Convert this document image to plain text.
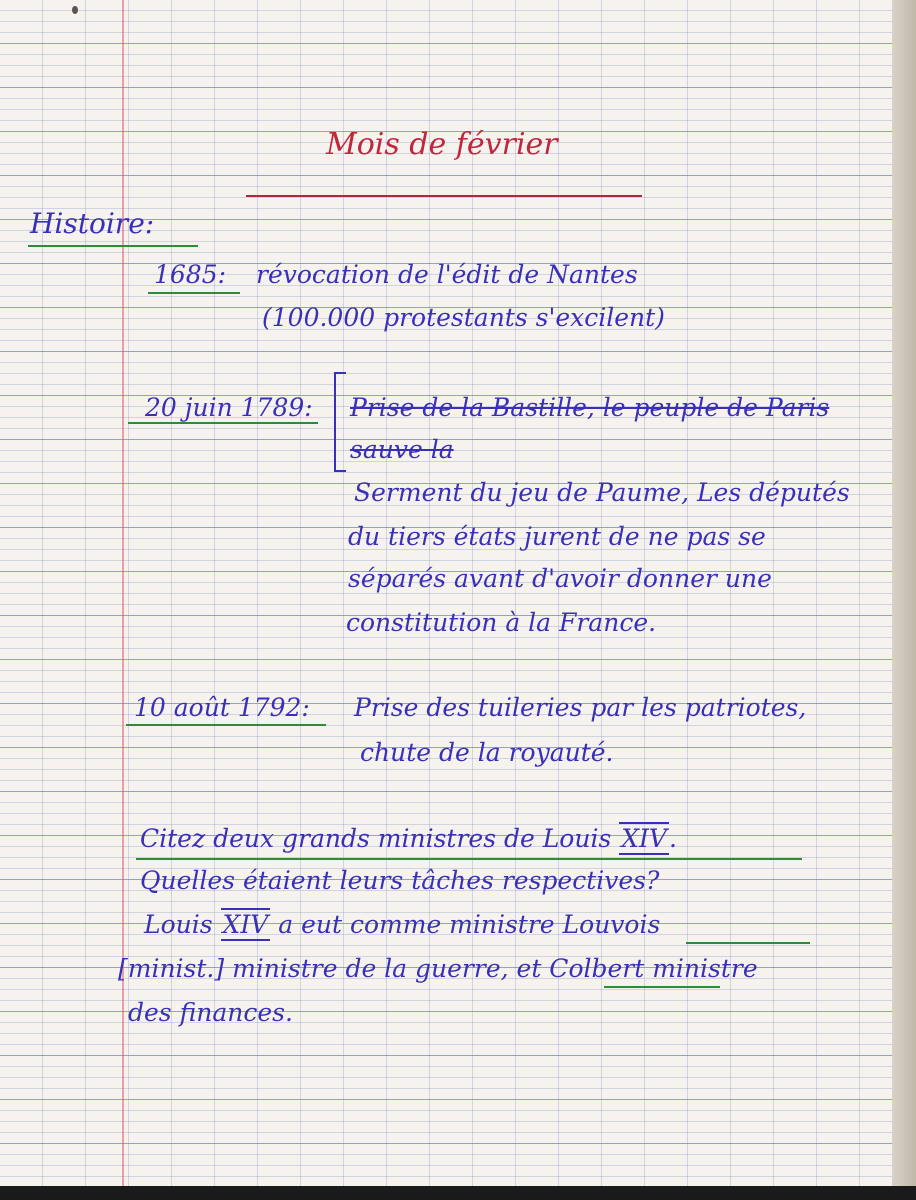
Mois de février
Histoire:
1685: révocation de l'édit de Nantes
(100.000 protestants s'excilent)
20 juin 1789: Prise de la Bastille, le peuple de Paris
sauve la
Serment du jeu de Paume, Les députés
du tiers états jurent de ne pas se
séparés avant d'avoir donner une
constitution à la France.
10 août 1792: Prise des tuileries par les patriotes,
chute de la royauté.
Citez deux grands ministres de Louis XIV.
Quelles étaient leurs tâches respectives?
Louis XIV a eut comme ministre Louvois
[minist.] ministre de la guerre, et Colbert ministre
des finances.
